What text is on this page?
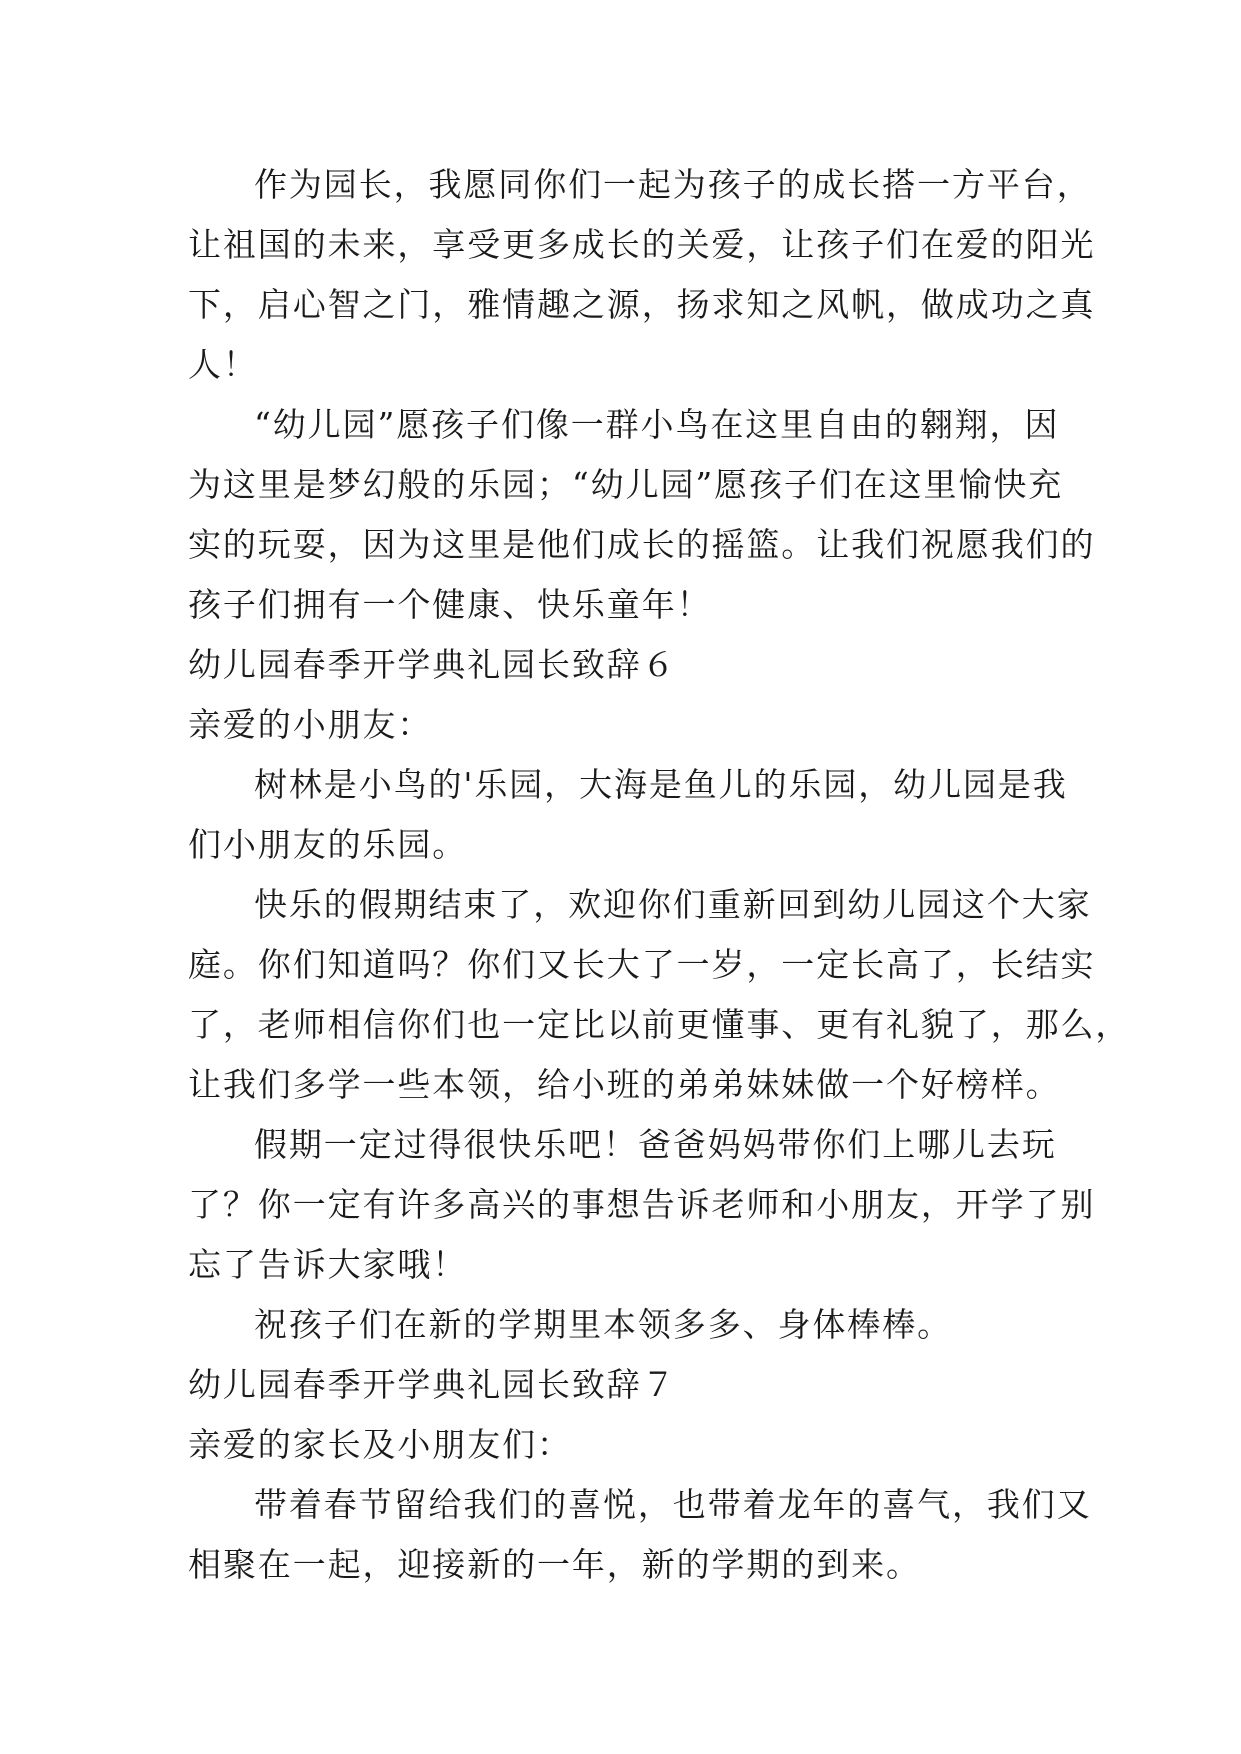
作为园长，我愿同你们一起为孩子的成长搭一方平台，
让祖国的未来，享受更多成长的关爱，让孩子们在爱的阳光
下，启心智之门，雅情趣之源，扬求知之风帆，做成功之真
人！
“幼儿园”愿孩子们像一群小鸟在这里自由的翱翔，因
为这里是梦幻般的乐园；“幼儿园”愿孩子们在这里愉快充
实的玩耍，因为这里是他们成长的摇篮。让我们祝愿我们的
孩子们拥有一个健康、快乐童年！
幼儿园春季开学典礼园长致辞６
亲爱的小朋友：
树林是小鸟的'乐园，大海是鱼儿的乐园，幼儿园是我
们小朋友的乐园。
快乐的假期结束了，欢迎你们重新回到幼儿园这个大家
庭。你们知道吗？你们又长大了一岁，一定长高了，长结实
了，老师相信你们也一定比以前更懂事、更有礼貌了，那么，
让我们多学一些本领，给小班的弟弟妹妹做一个好榜样。
假期一定过得很快乐吧！爸爸妈妈带你们上哪儿去玩
了？你一定有许多高兴的事想告诉老师和小朋友，开学了别
忘了告诉大家哦！
祝孩子们在新的学期里本领多多、身体棒棒。
幼儿园春季开学典礼园长致辞７
亲爱的家长及小朋友们：
带着春节留给我们的喜悦，也带着龙年的喜气，我们又
相聚在一起，迎接新的一年，新的学期的到来。
